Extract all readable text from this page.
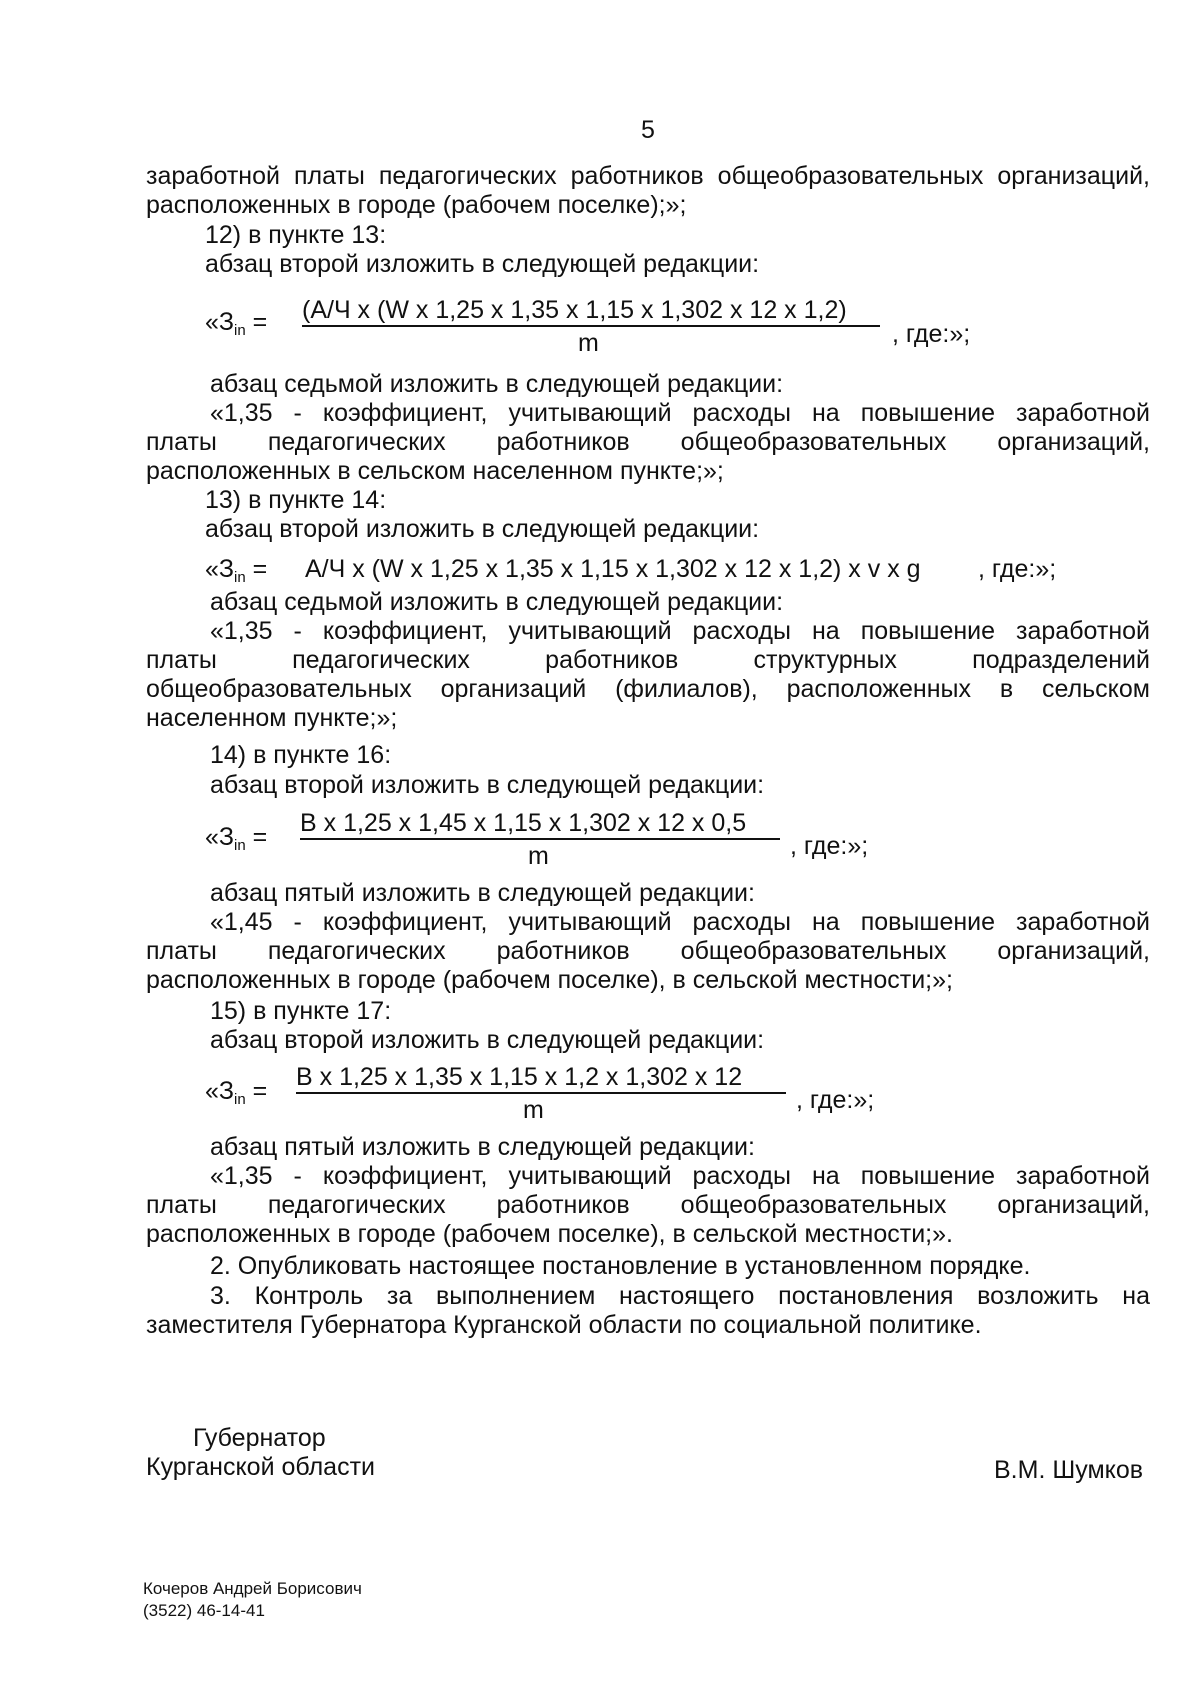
5
заработной платы педагогических работников общеобразовательных организаций,
расположенных в городе (рабочем поселке);»;
12) в пункте 13:
абзац второй изложить в следующей редакции:
«$З_{in} = (А/Ч$ х (W х 1,25 х 1,35 х 1,15 х 1,302 х 12 х 1,2)
m	, где:»;
абзац седьмой изложить в следующей редакции:
«1,35 - коэффициент, учитывающий расходы на повышение заработной
платы педагогических работников общеобразовательных организаций,
расположенных в сельском населенном пункте;»;
13) в пункте 14:
абзац второй изложить в следующей редакции:
«$З_{in} = А/Ч$ х (W х 1,25 х 1,35 х 1,15 х 1,302 х 12 х 1,2) х v х g , где:»;
абзац седьмой изложить в следующей редакции:
«1,35 - коэффициент, учитывающий расходы на повышение заработной
платы педагогических работников структурных подразделений
общеобразовательных организаций (филиалов), расположенных в сельском
населенном пункте;»;
14) в пункте 16:
абзац второй изложить в следующей редакции:
«$З_{in} = В$ х 1,25 х 1,45 х 1,15 х 1,302 х 12 х 0,5
m	, где:»;
абзац пятый изложить в следующей редакции:
«1,45 - коэффициент, учитывающий расходы на повышение заработной
платы педагогических работников общеобразовательных организаций,
расположенных в городе (рабочем поселке), в сельской местности;»;
15) в пункте 17:
абзац второй изложить в следующей редакции:
«$З_{in} = В$ х 1,25 х 1,35 х 1,15 х 1,2 х 1,302 х 12
m	, где:»;
абзац пятый изложить в следующей редакции:
«1,35 - коэффициент, учитывающий расходы на повышение заработной
платы педагогических работников общеобразовательных организаций,
расположенных в городе (рабочем поселке), в сельской местности;».
2. Опубликовать настоящее постановление в установленном порядке.
3. Контроль за выполнением настоящего постановления возложить на
заместителя Губернатора Курганской области по социальной политике.
Губернатор
Курганской области	В.М. Шумков
Кочеров Андрей Борисович
(3522) 46-14-41
